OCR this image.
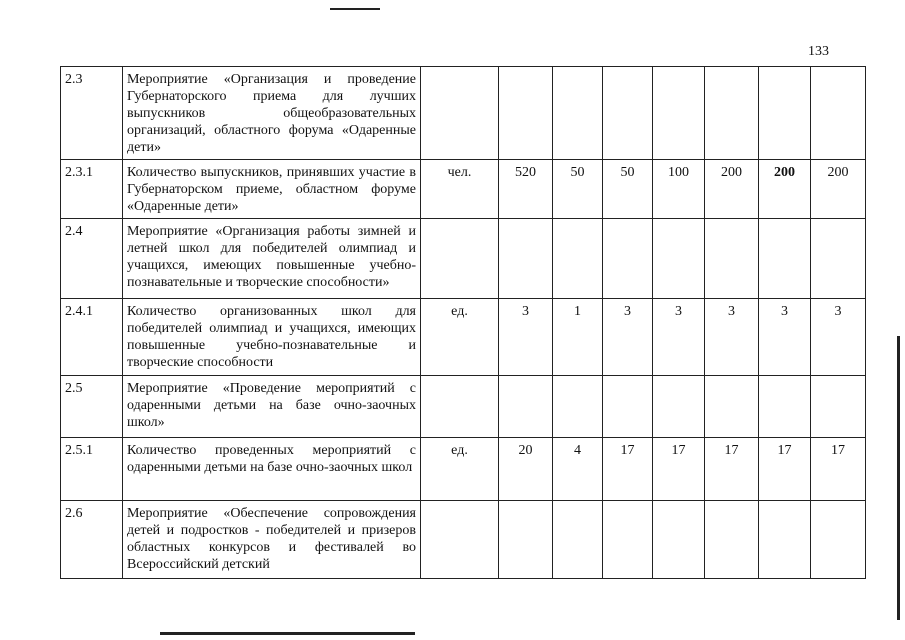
133
2.3	Мероприятие «Организация и проведение Губернаторского приема для лучших выпускников общеобразовательных организаций, областного форума «Одаренные дети»								
2.3.1	Количество выпускников, принявших участие в Губернаторском приеме, областном форуме «Одаренные дети»	чел.	520	50	50	100	200	200	200
2.4	Мероприятие «Организация работы зимней и летней школ для победителей олимпиад и учащихся, имеющих повышенные учебно-познавательные и творческие способности»								
2.4.1	Количество организованных школ для победителей олимпиад и учащихся, имеющих повышенные учебно-познавательные и творческие способности	ед.	3	1	3	3	3	3	3
2.5	Мероприятие «Проведение мероприятий с одаренными детьми на базе очно-заочных школ»								
2.5.1	Количество проведенных мероприятий с одаренными детьми на базе очно-заочных школ	ед.	20	4	17	17	17	17	17
2.6	Мероприятие «Обеспечение сопровождения детей и подростков - победителей и призеров областных конкурсов и фестивалей во Всероссийский детский								
